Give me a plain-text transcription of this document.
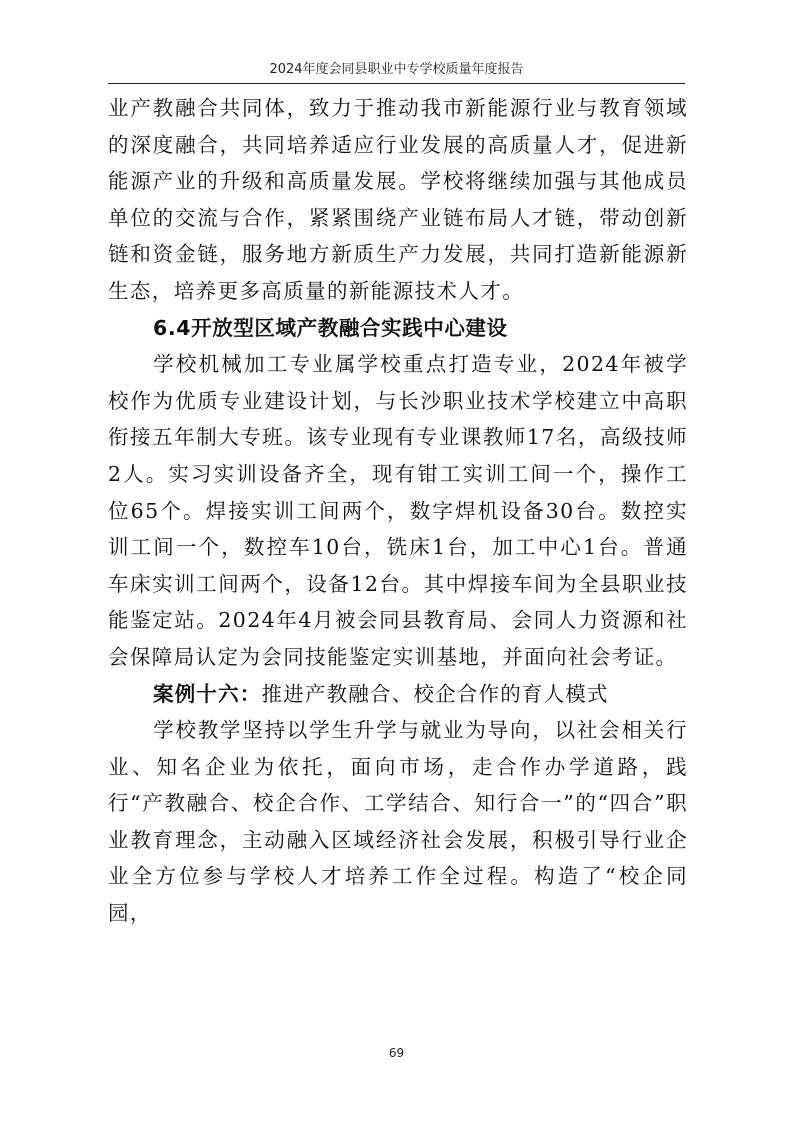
2024年度会同县职业中专学校质量年度报告

业产教融合共同体，致力于推动我市新能源行业与教育领域的深度融合，共同培养适应行业发展的高质量人才，促进新能源产业的升级和高质量发展。学校将继续加强与其他成员单位的交流与合作，紧紧围绕产业链布局人才链，带动创新链和资金链，服务地方新质生产力发展，共同打造新能源新生态，培养更多高质量的新能源技术人才。

6.4开放型区域产教融合实践中心建设

学校机械加工专业属学校重点打造专业，2024年被学校作为优质专业建设计划，与长沙职业技术学校建立中高职衔接五年制大专班。该专业现有专业课教师17名，高级技师2人。实习实训设备齐全，现有钳工实训工间一个，操作工位65个。焊接实训工间两个，数字焊机设备30台。数控实训工间一个，数控车10台，铣床1台，加工中心1台。普通车床实训工间两个，设备12台。其中焊接车间为全县职业技能鉴定站。2024年4月被会同县教育局、会同人力资源和社会保障局认定为会同技能鉴定实训基地，并面向社会考证。

案例十六：推进产教融合、校企合作的育人模式

学校教学坚持以学生升学与就业为导向，以社会相关行业、知名企业为依托，面向市场，走合作办学道路，践行“产教融合、校企合作、工学结合、知行合一”的“四合”职业教育理念，主动融入区域经济社会发展，积极引导行业企业全方位参与学校人才培养工作全过程。构造了“校企同园，

69
